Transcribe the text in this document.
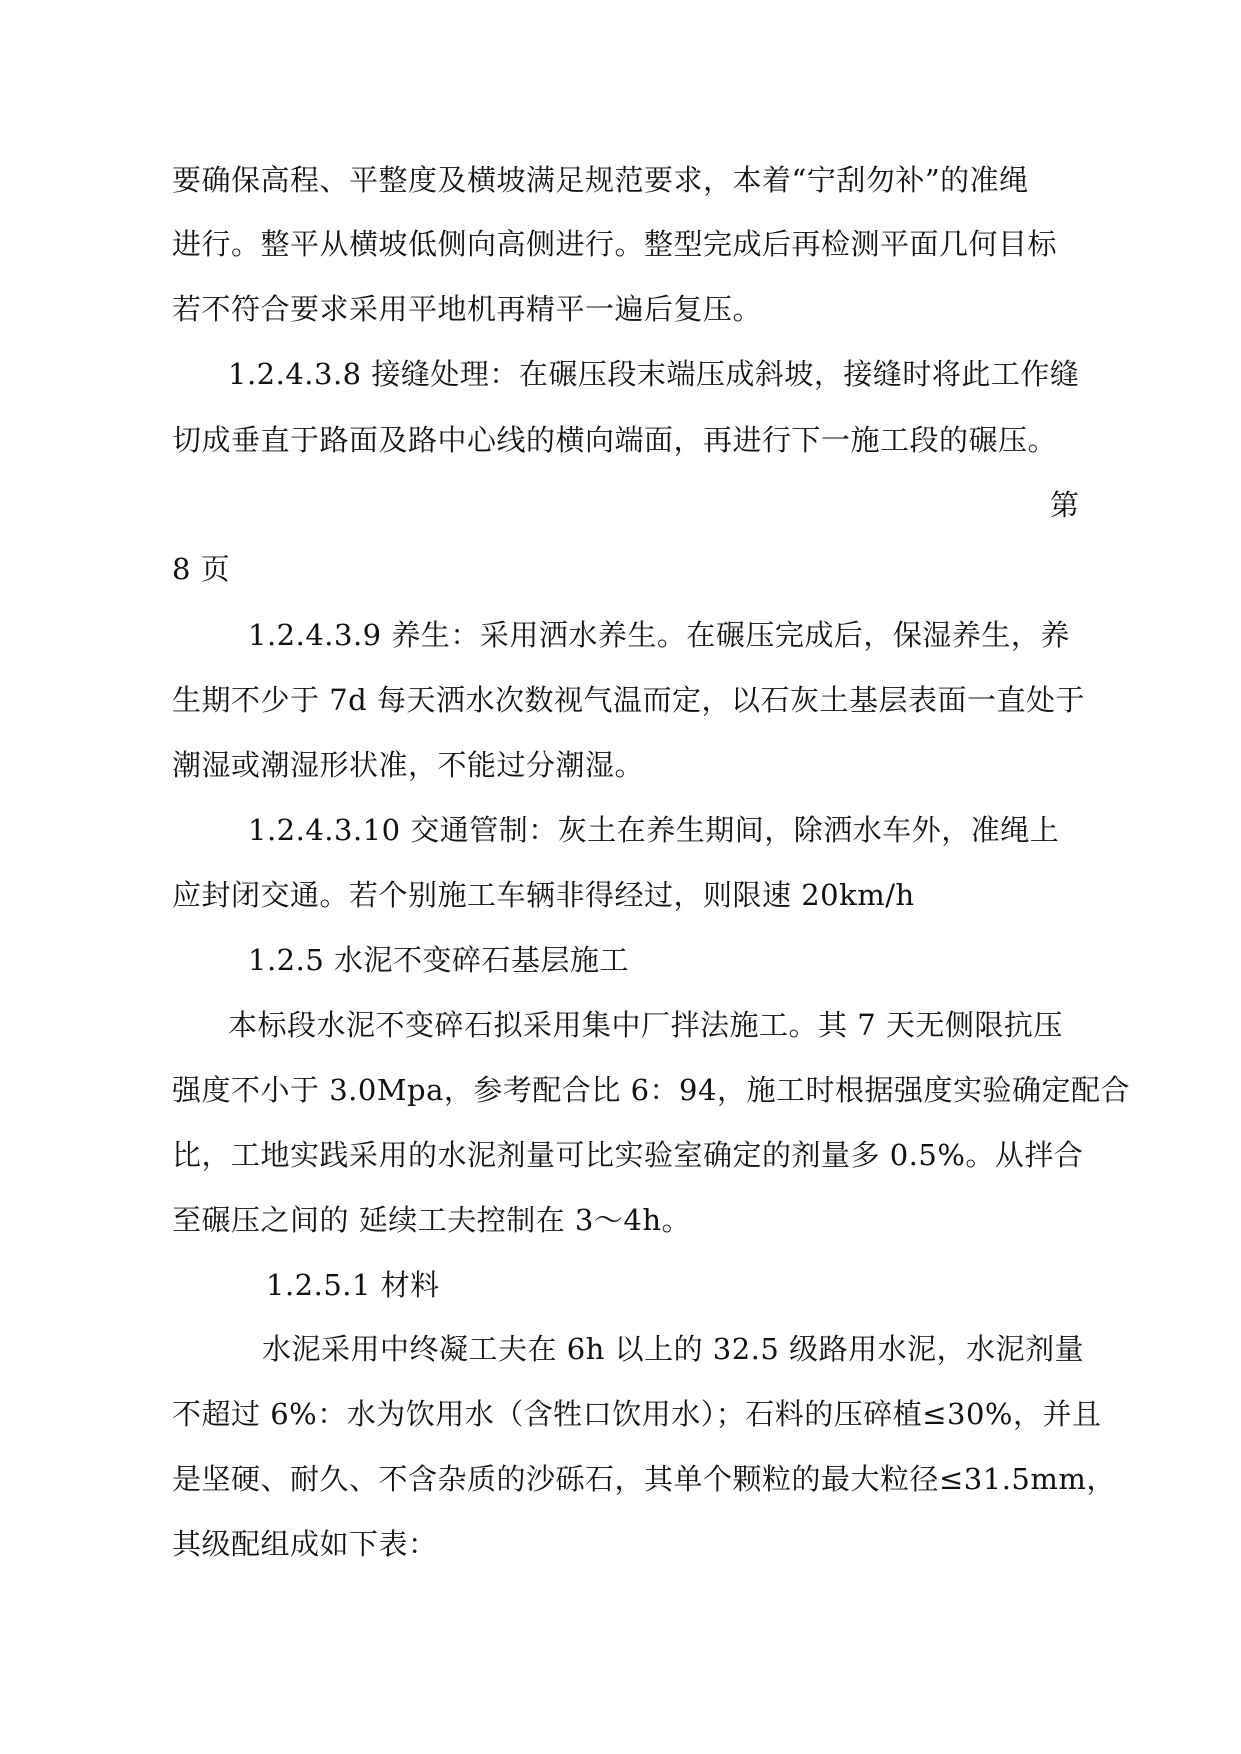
要确保高程、平整度及横坡满足规范要求，本着“宁刮勿补”的准绳

进行。整平从横坡低侧向高侧进行。整型完成后再检测平面几何目标

若不符合要求采用平地机再精平一遍后复压。

1.2.4.3.8 接缝处理：在碾压段末端压成斜坡，接缝时将此工作缝

切成垂直于路面及路中心线的横向端面，再进行下一施工段的碾压。

第

8 页

1.2.4.3.9 养生：采用洒水养生。在碾压完成后，保湿养生，养

生期不少于 7d 每天洒水次数视气温而定，以石灰土基层表面一直处于

潮湿或潮湿形状准，不能过分潮湿。

1.2.4.3.10 交通管制：灰土在养生期间，除洒水车外，准绳上

应封闭交通。若个别施工车辆非得经过，则限速 20km/h

1.2.5 水泥不变碎石基层施工

本标段水泥不变碎石拟采用集中厂拌法施工。其 7 天无侧限抗压

强度不小于 3.0Mpa，参考配合比 6：94，施工时根据强度实验确定配合

比，工地实践采用的水泥剂量可比实验室确定的剂量多 0.5%。从拌合

至碾压之间的 延续工夫控制在 3～4h。

1.2.5.1 材料

水泥采用中终凝工夫在 6h 以上的 32.5 级路用水泥，水泥剂量

不超过 6%：水为饮用水（含牲口饮用水）；石料的压碎植≤30%，并且

是坚硬、耐久、不含杂质的沙砾石，其单个颗粒的最大粒径≤31.5mm，

其级配组成如下表：
